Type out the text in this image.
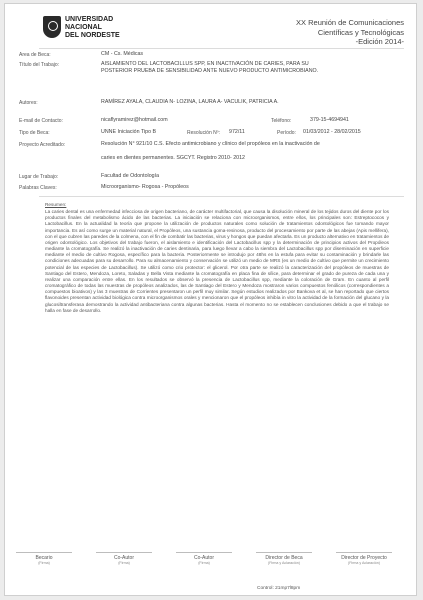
UNIVERSIDAD
NACIONAL
DEL NORDESTE
XX Reunión de Comunicaciones
Científicas y Tecnológicas
-Edición 2014-
Area de Beca:	CM - Cs. Médicas
Título del Trabajo:	AISLAMIENTO DEL LACTOBACILLUS SPP, EN INACTIVACIÓN DE CARIES, PARA SU
POSTERIOR PRUEBA DE SENSIBILIDAD ANTE NUEVO PRODUCTO ANTIMICROBIANO.
Autores:	RAMÍREZ AYALA, CLAUDIA N- LOZINA, LAURA A- VACULIK, PATRICIA A.
E-mail de Contacto:	nicaflyramirez@hotmail.com	Teléfono:	379-15-4694941
Tipo de Beca:	UNNE Iniciación Tipo B	Resolución Nº: 972/11	Período: 01/03/2012 - 28/02/2015
Proyecto Acreditado:	Resolución N° 921/10 C.S. Efecto antimicrobiano y clínico del propóleos en la inactivación de
caries en dientes permanentes. SGCYT. Registro 2010- 2012
Lugar de Trabajo:	Facultad de Odontología
Palabras Claves:	Microorganismo- Rogosa - Propóleos
Resumen:
La caries dental es una enfermedad infecciosa de origen bacteriano, de carácter multifactorial, que causa la disolución mineral de los tejidos duros del diente por los productos finales del metabolismo ácido de las bacterias. La iniciación se relaciona con microorganismos, entre ellos, los principales son: Estreptococos y Lactobacillus. En la actualidad la teoría que propone la utilización de productos naturales como solución de tratamientos odontológicos fue tomando mayor importancia. Es así como surge un material natural, el Propóleos, una sustancia goma-resinosa, producto del procesamiento por parte de las abejas (Apis mellifera), con el que cubren las paredes de la colmena, con el fin de combatir las bacterias, virus y hongos que puedan afectarla. Es un producto alternativo en tratamientos de origen odontológico. Los objetivos del trabajo fueron, el aislamiento e identificación del Lactobacillus spp y la determinación de principios activos del Propóleos mediante la cromatografía. Se realizó la inactivación de caries dentinaria, para luego llevar a cabo la siembra del Lactobacillus spp por diseminación en superficie mediante el medio de cultivo Rogosa, específico para la bacteria. Posteriormente se introdujo por 48hs en la estufa para evitar su contaminación y brindarle las condiciones adecuadas para su desarrollo. Para su almacenamiento y conservación se utilizó un medio de MRS (es un medio de cultivo que permite un crecimiento potencial de las especies de Lactobacillus). Se utilizó como crio protector: el glicerol. Por otra parte se realizó la caracterización del propóleos de muestras de Santiago del Estero, Mendoza, Loreto, Saladas y Bella Vista mediante la cromatografía en placa fina de sílice, para determinar el grado de pureza de cada una y realizar una comparación entre ellas. En los resultados se observó la presencia de Lactobacillus spp, mediante la coloración de Gram. En cuanto al perfil cromatográfico de todas las muestras de propóleos analizados, las de Santiago del Estero y Mendoza mostraron varios compuestos fenólicos (correspondientes a compuestos bioativos) y las 3 muestras de Corrientes presentaron un perfil muy similar. Según estudios realizados por Bankova et al, se han reportado que ciertos flavonoides presentan actividad biológica contra microorganismos orales y mencionaron que el propóleos inhibía in vitro la actividad de la formación del glucano y la glucosiltransferasa demostrando la actividad antibacteriana contra algunas bacterias. Hasta el momento no se establecen conclusiones debido a que el trabajo se halla en fase de desarrollo.
Becario
(Firma)
Co-Autor
(Firma)
Co-Autor
(Firma)
Director de Beca
(Firma y Aclaración)
Director de Proyecto
(Firma y Aclaración)
Control: 21mp7l8pm
